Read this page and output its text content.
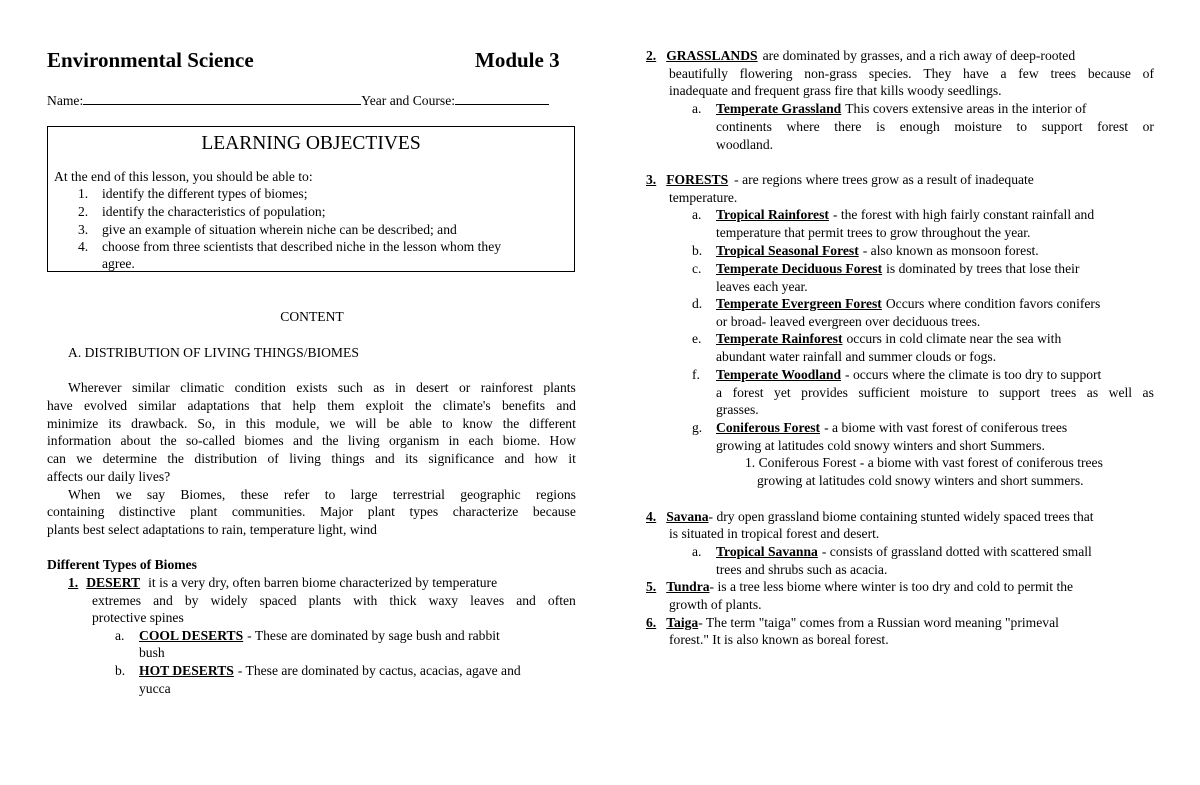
Environmental Science	Module 3
Name:	Year and Course:
LEARNING OBJECTIVES
At the end of this lesson, you should be able to:
1. identify the different types of biomes;
2. identify the characteristics of population;
3. give an example of situation wherein niche can be described; and
4. choose from three scientists that described niche in the lesson whom they
agree.
CONTENT
A. DISTRIBUTION OF LIVING THINGS/BIOMES
Wherever similar climatic condition exists such as in desert or rainforest plants
have evolved similar adaptations that help them exploit the climate's benefits and
minimize its drawback. So, in this module, we will be able to know the different
information about the so-called biomes and the living organism in each biome. How
can we determine the distribution of living things and its significance and how it
affects our daily lives?
When we say Biomes, these refer to large terrestrial geographic regions
containing distinctive plant communities. Major plant types characterize because
plants best select adaptations to rain, temperature light, wind
Different Types of Biomes
1. DESERT it is a very dry, often barren biome characterized by temperature
extremes and by widely spaced plants with thick waxy leaves and often
protective spines
a.	COOL DESERTS - These are dominated by sage bush and rabbit
bush
b.	HOT DESERTS - These are dominated by cactus, acacias, agave and
yucca
2. GRASSLANDS are dominated by grasses, and a rich away of deep-rooted
beautifully flowering non-grass species. They have a few trees because of
inadequate and frequent grass fire that kills woody seedlings.
a.	Temperate Grassland This covers extensive areas in the interior of
continents where there is enough moisture to support forest or
woodland.
3. FORESTS - are regions where trees grow as a result of inadequate
temperature.
a.	Tropical Rainforest - the forest with high fairly constant rainfall and
temperature that permit trees to grow throughout the year.
b.	Tropical Seasonal Forest - also known as monsoon forest.
c.	Temperate Deciduous Forest is dominated by trees that lose their
leaves each year.
d.	Temperate Evergreen Forest Occurs where condition favors conifers
or broad- leaved evergreen over deciduous trees.
e.	Temperate Rainforest occurs in cold climate near the sea with
abundant water rainfall and summer clouds or fogs.
f.	Temperate Woodland - occurs where the climate is too dry to support
a forest yet provides sufficient moisture to support trees as well as
grasses.
g.	Coniferous Forest - a biome with vast forest of coniferous trees
growing at latitudes cold snowy winters and short Summers.
1. Coniferous Forest - a biome with vast forest of coniferous trees
growing at latitudes cold snowy winters and short summers.
4. Savana - dry open grassland biome containing stunted widely spaced trees that
is situated in tropical forest and desert.
a.	Tropical Savanna - consists of grassland dotted with scattered small
trees and shrubs such as acacia.
5. Tundra - is a tree less biome where winter is too dry and cold to permit the
growth of plants.
6. Taiga - The term "taiga" comes from a Russian word meaning "primeval
forest." It is also known as boreal forest.
